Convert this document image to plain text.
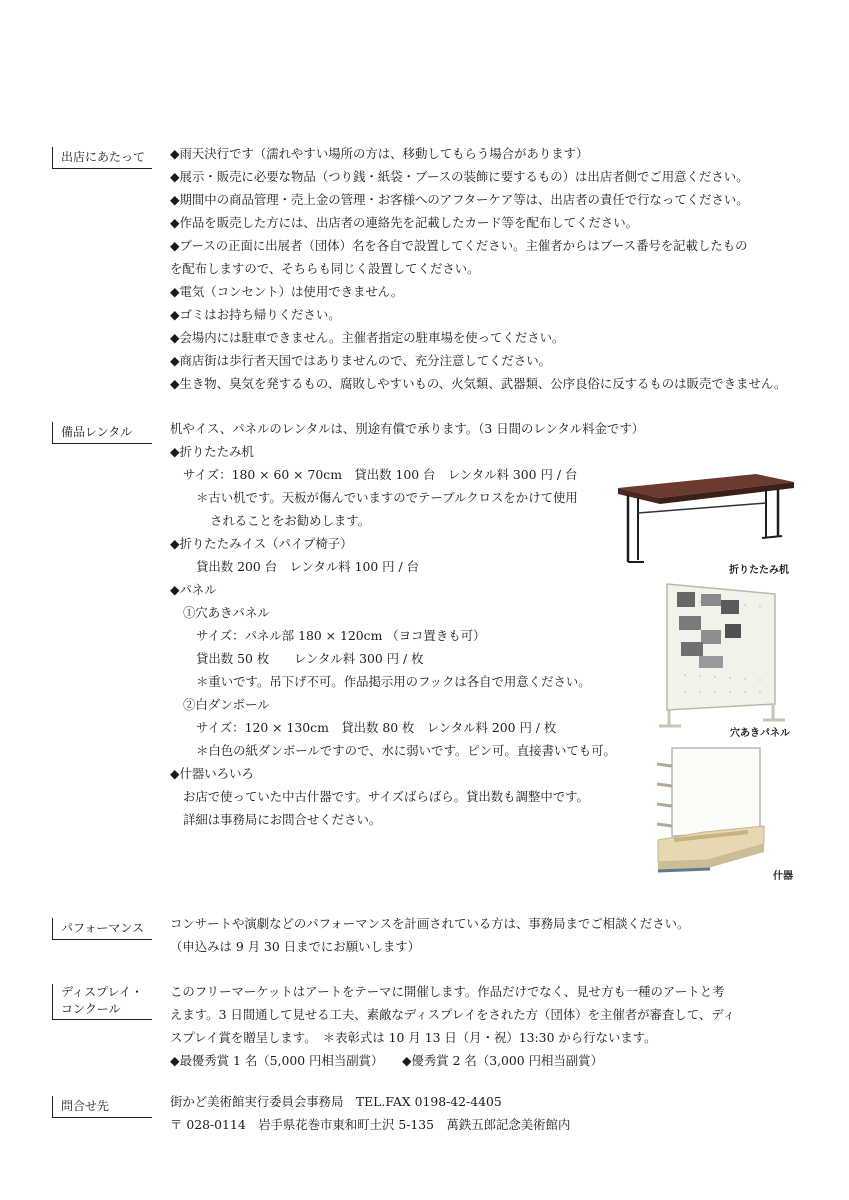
出店にあたって	◆雨天決行です（濡れやすい場所の方は、移動してもらう場合があります）
◆展示・販売に必要な物品（つり銭・紙袋・ブースの装飾に要するもの）は出店者側でご用意ください。
◆期間中の商品管理・売上金の管理・お客様へのアフターケア等は、出店者の責任で行なってください。
◆作品を販売した方には、出店者の連絡先を記載したカード等を配布してください。
◆ブースの正面に出展者（団体）名を各自で設置してください。主催者からはブース番号を記載したもの
を配布しますので、そちらも同じく設置してください。
◆電気（コンセント）は使用できません。
◆ゴミはお持ち帰りください。
◆会場内には駐車できません。主催者指定の駐車場を使ってください。
◆商店街は歩行者天国ではありませんので、充分注意してください。
◆生き物、臭気を発するもの、腐敗しやすいもの、火気類、武器類、公序良俗に反するものは販売できません。
備品レンタル	机やイス、パネルのレンタルは、別途有償で承ります。（3 日間のレンタル料金です）
◆折りたたみ机
サイズ：180 × 60 × 70cm　貸出数 100 台　レンタル料 300 円 / 台
＊古い机です。天板が傷んでいますのでテーブルクロスをかけて使用
されることをお勧めします。
◆折りたたみイス（パイプ椅子）
貸出数 200 台　レンタル料 100 円 / 台
◆パネル
①穴あきパネル
サイズ：パネル部 180 × 120cm （ヨコ置きも可）
貸出数 50 枚　　レンタル料 300 円 / 枚
＊重いです。吊下げ不可。作品掲示用のフックは各自で用意ください。
②白ダンボール
サイズ：120 × 130cm　貸出数 80 枚　レンタル料 200 円 / 枚
＊白色の紙ダンボールですので、水に弱いです。ピン可。直接書いても可。
◆什器いろいろ
お店で使っていた中古什器です。サイズばらばら。貸出数も調整中です。
詳細は事務局にお問合せください。
折りたたみ机
穴あきパネル
什器
パフォーマンス	コンサートや演劇などのパフォーマンスを計画されている方は、事務局までご相談ください。
（申込みは 9 月 30 日までにお願いします）
ディスプレイ・
コンクール
このフリーマーケットはアートをテーマに開催します。作品だけでなく、見せ方も一種のアートと考
えます。3 日間通して見せる工夫、素敵なディスプレイをされた方（団体）を主催者が審査して、ディ
スプレイ賞を贈呈します。　＊表彰式は 10 月 13 日（月・祝）13:30 から行ないます。
◆最優秀賞 1 名（5,000 円相当副賞）　　◆優秀賞 2 名（3,000 円相当副賞）
問合せ先	街かど美術館実行委員会事務局　TEL.FAX 0198-42-4405
〒 028-0114　岩手県花巻市東和町土沢 5-135　萬鉄五郎記念美術館内
